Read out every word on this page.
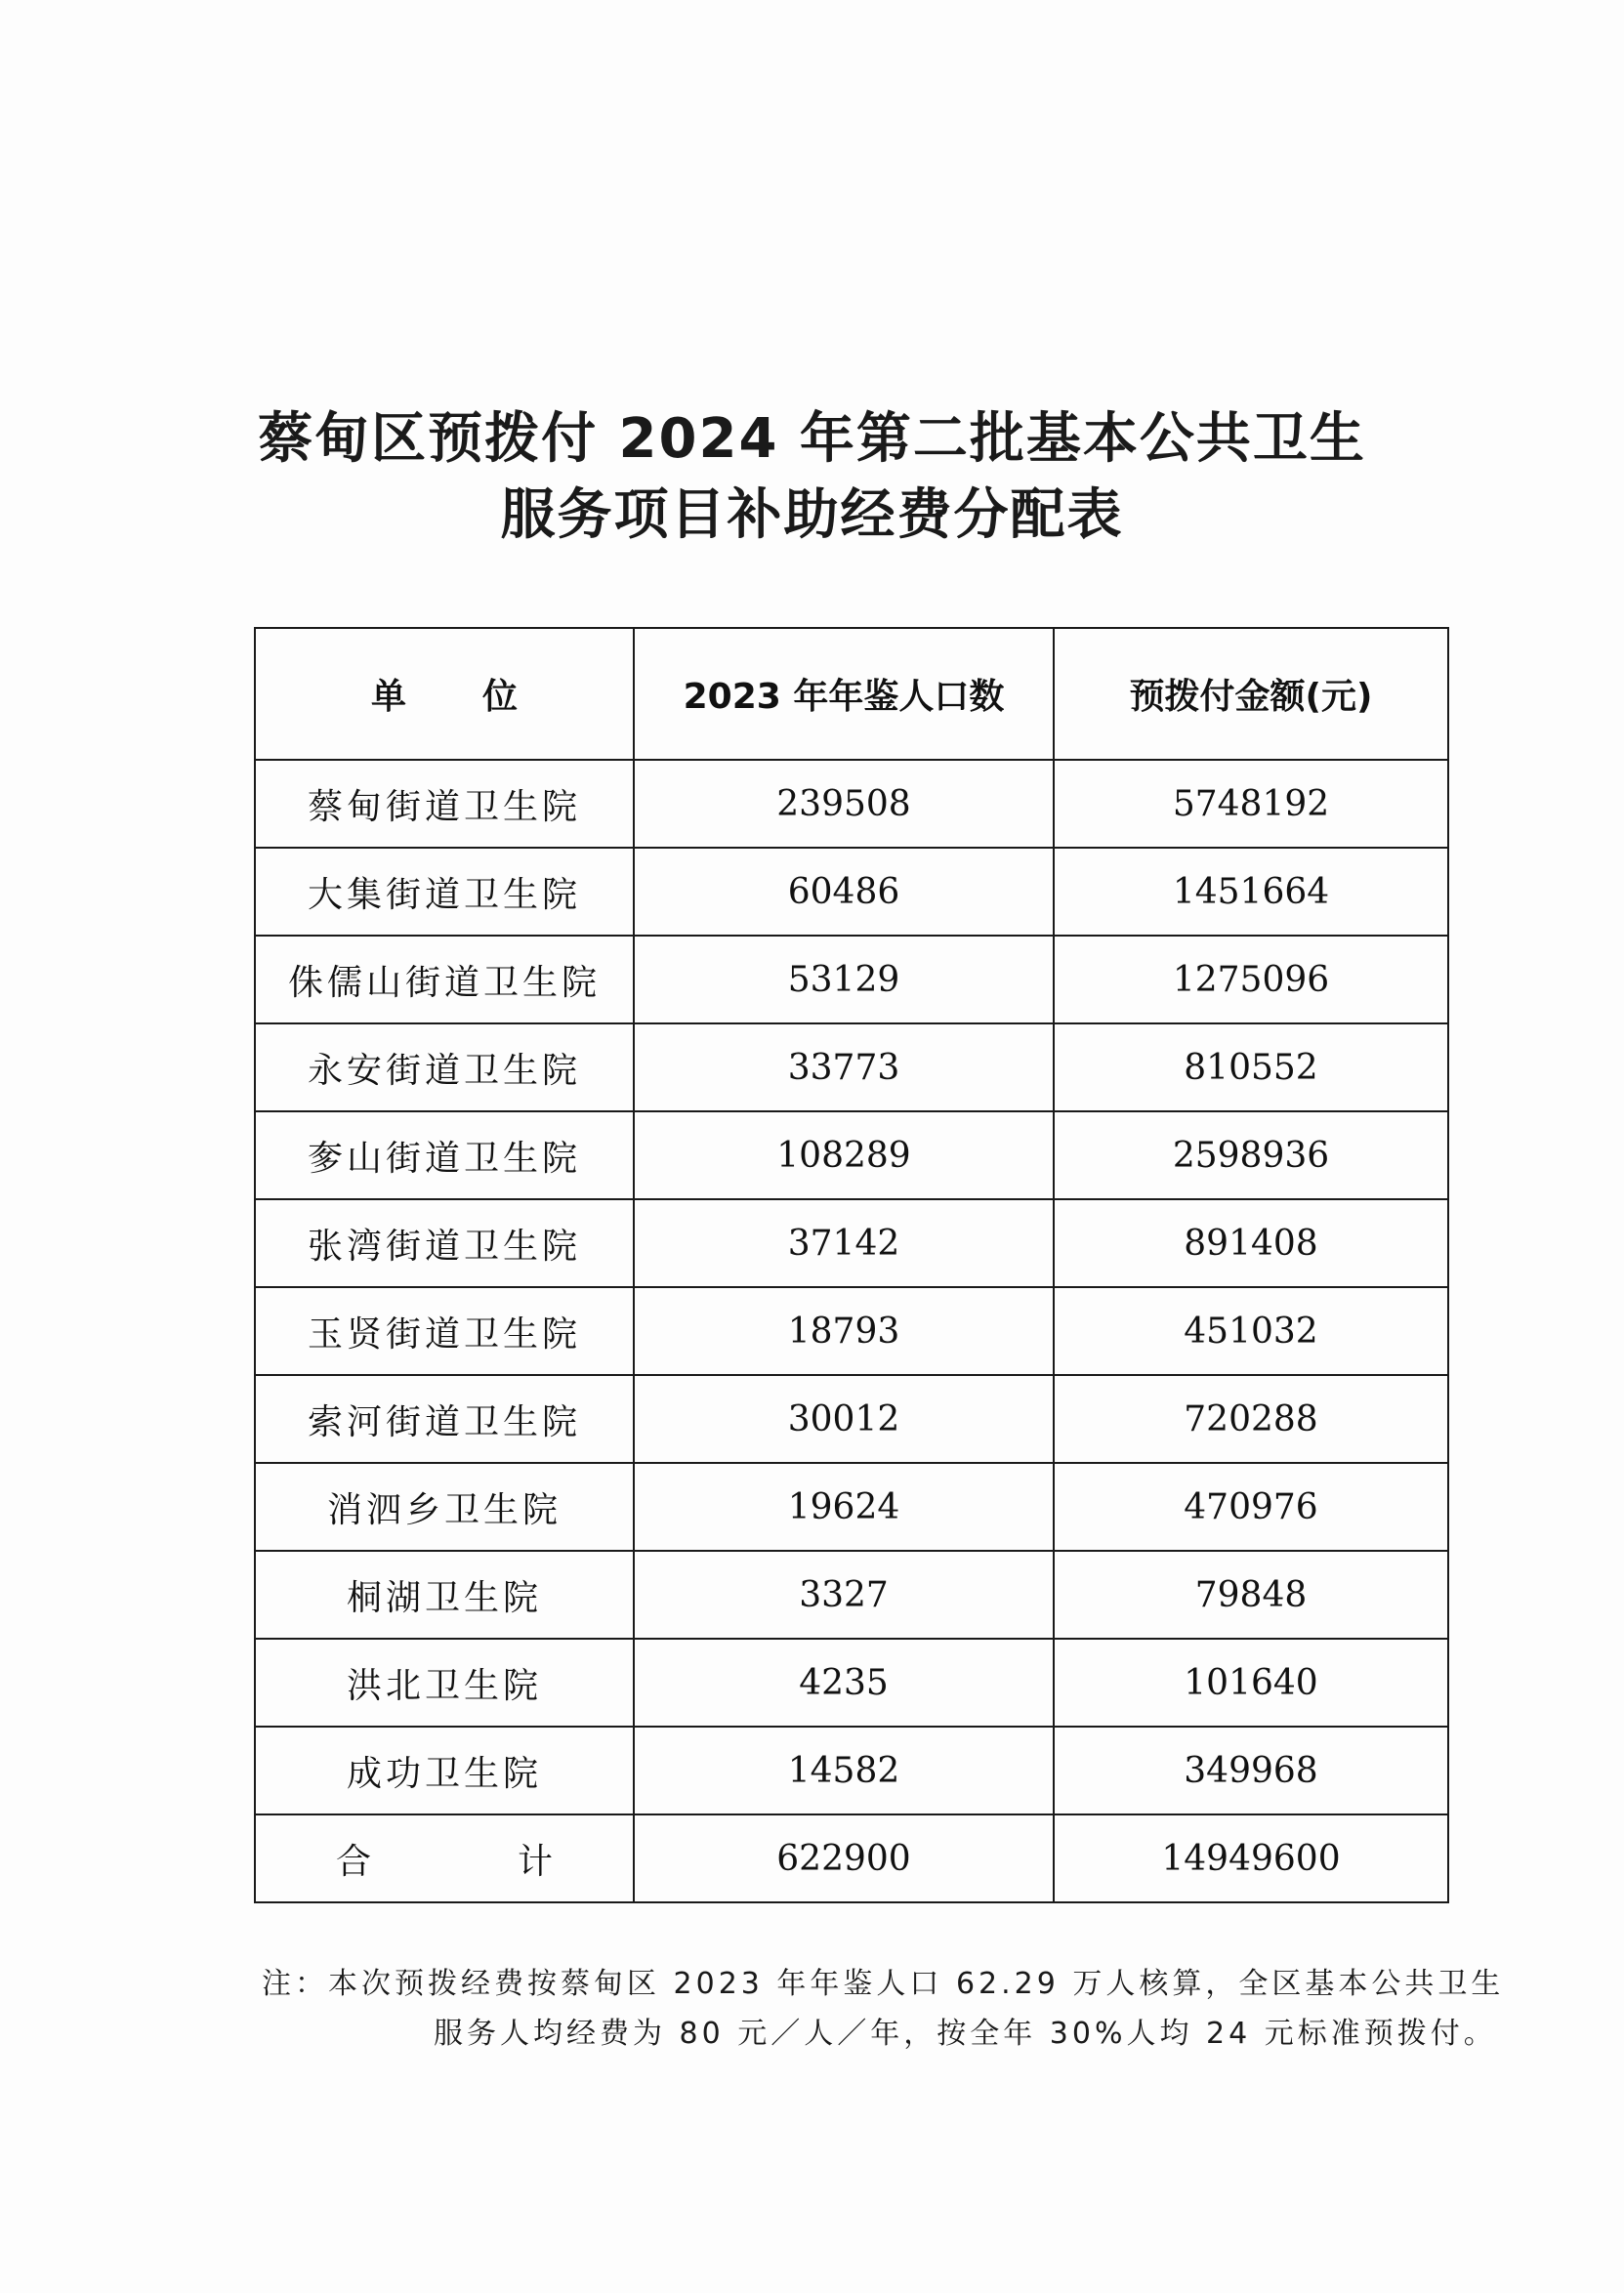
蔡甸区预拨付 2024 年第二批基本公共卫生
服务项目补助经费分配表
单位	2023 年年鉴人口数	预拨付金额(元)
蔡甸街道卫生院	239508	5748192
大集街道卫生院	60486	1451664
侏儒山街道卫生院	53129	1275096
永安街道卫生院	33773	810552
奓山街道卫生院	108289	2598936
张湾街道卫生院	37142	891408
玉贤街道卫生院	18793	451032
索河街道卫生院	30012	720288
消泗乡卫生院	19624	470976
桐湖卫生院	3327	79848
洪北卫生院	4235	101640
成功卫生院	14582	349968
合计	622900	14949600
注：本次预拨经费按蔡甸区 2023 年年鉴人口 62.29 万人核算，全区基本公共卫生
服务人均经费为 80 元／人／年，按全年 30%人均 24 元标准预拨付。
